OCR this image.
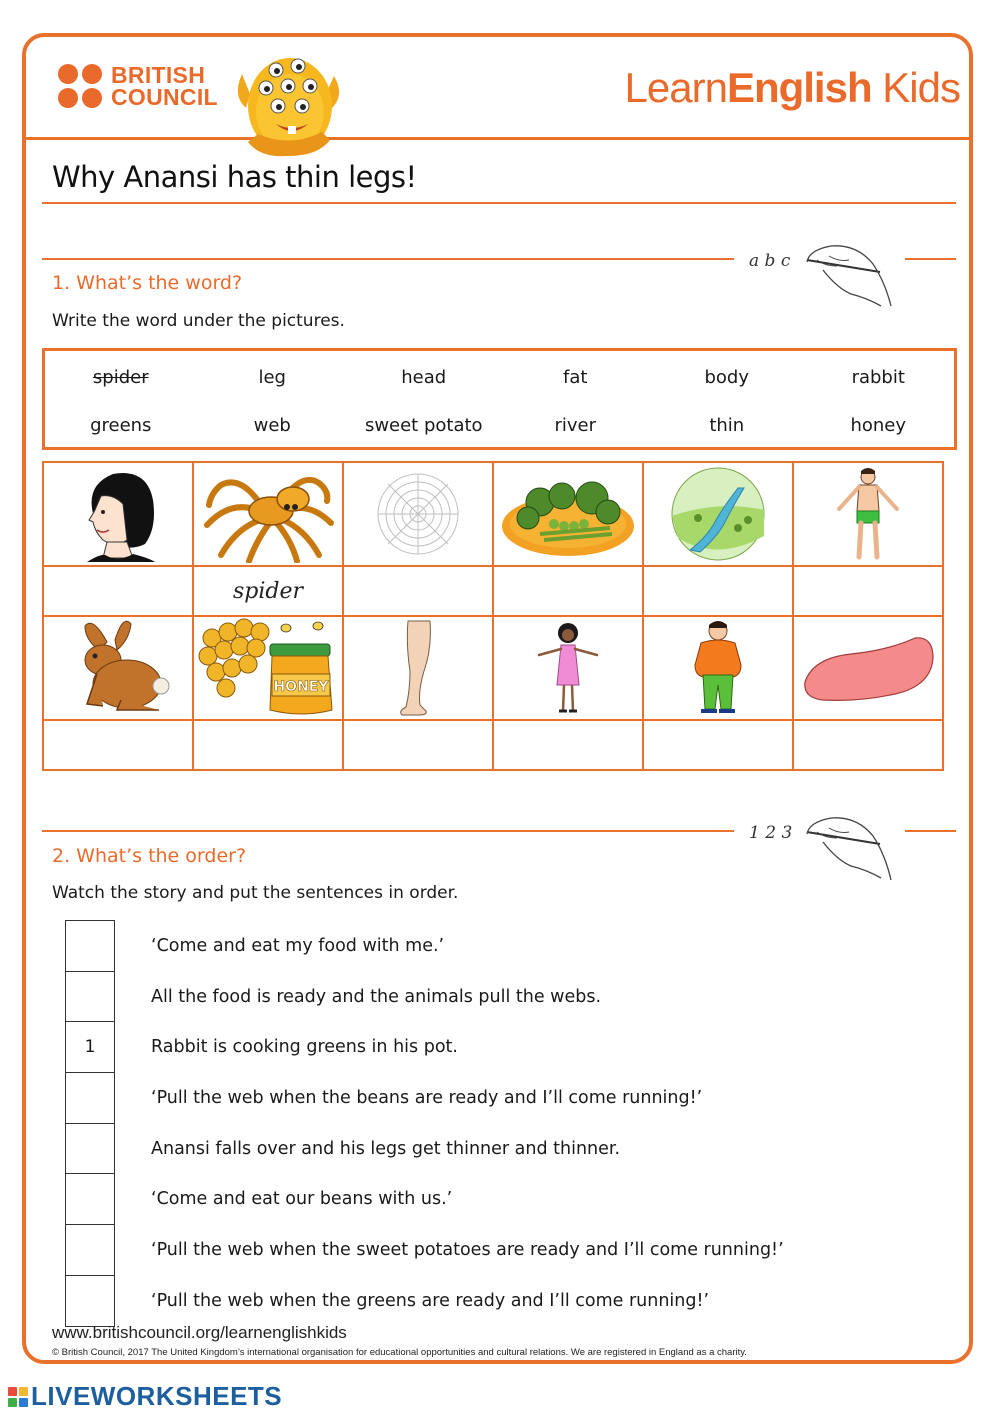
BRITISH
COUNCIL	LearnEnglish Kids
Why Anansi has thin legs!
a b c
1. What’s the word?

Write the word under the pictures.

spider	leg	head	fat	body	rabbit
greens	web	sweet potato	river	thin	honey

	spider				

HONEY

1 2 3
2. What’s the order?

Watch the story and put the sentences in order.

	‘Come and eat my food with me.’
	All the food is ready and the animals pull the webs.
1	Rabbit is cooking greens in his pot.
	‘Pull the web when the beans are ready and I’ll come running!’
	Anansi falls over and his legs get thinner and thinner.
	‘Come and eat our beans with us.’
	‘Pull the web when the sweet potatoes are ready and I’ll come running!’
	‘Pull the web when the greens are ready and I’ll come running!’
www.britishcouncil.org/learnenglishkids
© British Council, 2017 The United Kingdom’s international organisation for educational opportunities and cultural relations. We are registered in England as a charity.
LIVEWORKSHEETS
